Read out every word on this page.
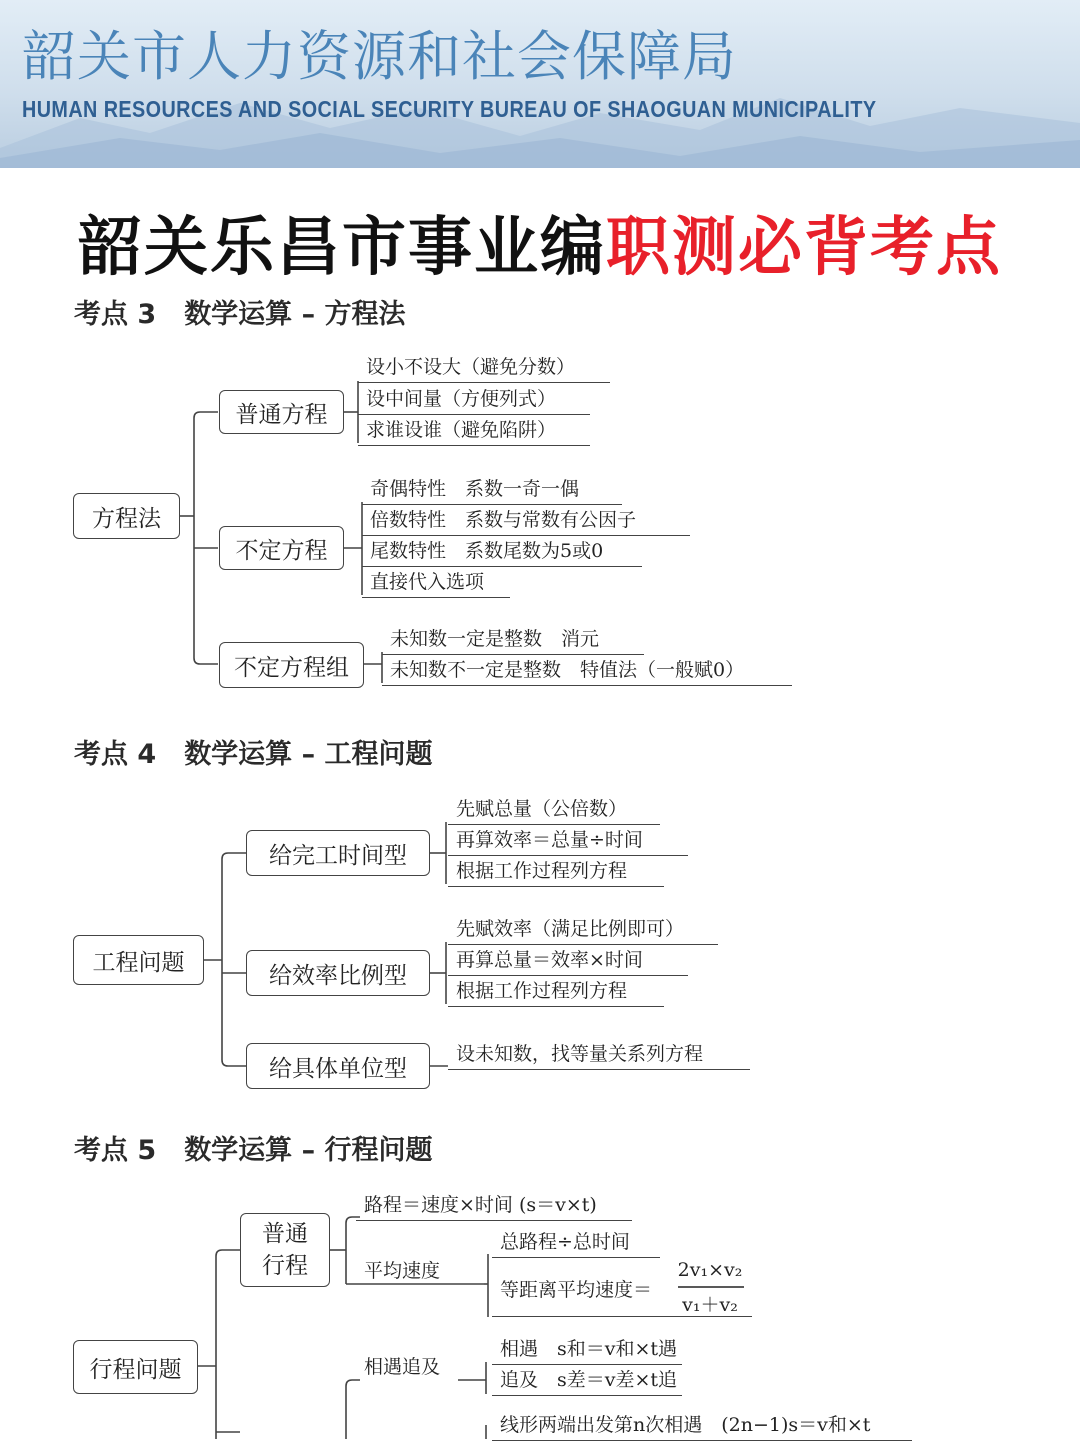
韶关市人力资源和社会保障局
HUMAN RESOURCES AND SOCIAL SECURITY BUREAU OF SHAOGUAN MUNICIPALITY
韶关乐昌市事业编职测必背考点
考点 3 数学运算 – 方程法
方程法
普通方程
设小不设大（避免分数）
设中间量（方便列式）
求谁设谁（避免陷阱）
不定方程
奇偶特性　系数一奇一偶
倍数特性　系数与常数有公因子
尾数特性　系数尾数为5或0
直接代入选项
不定方程组
未知数一定是整数　消元
未知数不一定是整数　特值法（一般赋0）
考点 4 数学运算 – 工程问题
工程问题
给完工时间型
先赋总量（公倍数）
再算效率＝总量÷时间
根据工作过程列方程
给效率比例型
先赋效率（满足比例即可）
再算总量＝效率×时间
根据工作过程列方程
给具体单位型
设未知数，找等量关系列方程
考点 5 数学运算 – 行程问题
行程问题
普通
行程
路程＝速度×时间 (s＝v×t)
平均速度
总路程÷总时间
等距离平均速度＝
2v₁×v₂
v₁＋v₂
相遇追及
相遇　s和＝v和×t遇
追及　s差＝v差×t追
线形两端出发第n次相遇　(2n−1)s＝v和×t
